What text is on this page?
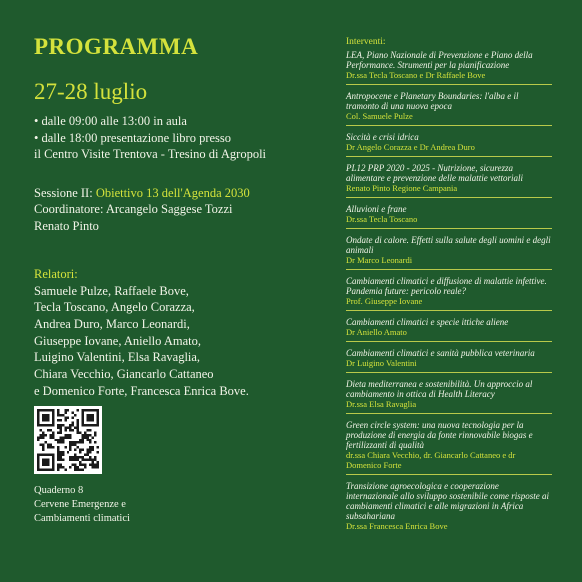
PROGRAMMA
27-28 luglio
• dalle 09:00 alle 13:00 in aula
• dalle 18:00 presentazione libro presso
il Centro Visite Trentova - Tresino di Agropoli
Sessione II: Obiettivo 13 dell'Agenda 2030
Coordinatore: Arcangelo Saggese Tozzi
Renato Pinto
Relatori:
Samuele Pulze, Raffaele Bove,
Tecla Toscano, Angelo Corazza,
Andrea Duro, Marco Leonardi,
Giuseppe Iovane, Aniello Amato,
Luigino Valentini, Elsa Ravaglia,
Chiara Vecchio, Giancarlo Cattaneo
e Domenico Forte, Francesca Enrica Bove.
Quaderno 8
Cervene Emergenze e
Cambiamenti climatici
Interventi:
LEA, Piano Nazionale di Prevenzione e Piano della Performance. Strumenti per la pianificazione
Dr.ssa Tecla Toscano e Dr Raffaele Bove
Antropocene e Planetary Boundaries: l'alba e il tramonto di una nuova epoca
Col. Samuele Pulze
Siccità e crisi idrica
Dr Angelo Corazza e Dr Andrea Duro
PL12 PRP 2020 - 2025 - Nutrizione, sicurezza alimentare e prevenzione delle malattie vettoriali
Renato Pinto Regione Campania
Alluvioni e frane
Dr.ssa Tecla Toscano
Ondate di calore. Effetti sulla salute degli uomini e degli animali
Dr Marco Leonardi
Cambiamenti climatici e diffusione di malattie infettive. Pandemia future: pericolo reale?
Prof. Giuseppe Iovane
Cambiamenti climatici e specie ittiche aliene
Dr Aniello Amato
Cambiamenti climatici e sanità pubblica veterinaria
Dr Luigino Valentini
Dieta mediterranea e sostenibilità. Un approccio al cambiamento in ottica di Health Literacy
Dr.ssa Elsa Ravaglia
Green circle system: una nuova tecnologia per la produzione di energia da fonte rinnovabile biogas e fertilizzanti di qualità
dr.ssa Chiara Vecchio, dr. Giancarlo Cattaneo e dr Domenico Forte
Transizione agroecologica e cooperazione internazionale allo sviluppo sostenibile come risposte ai cambiamenti climatici e alle migrazioni in Africa subsahariana
Dr.ssa Francesca Enrica Bove
